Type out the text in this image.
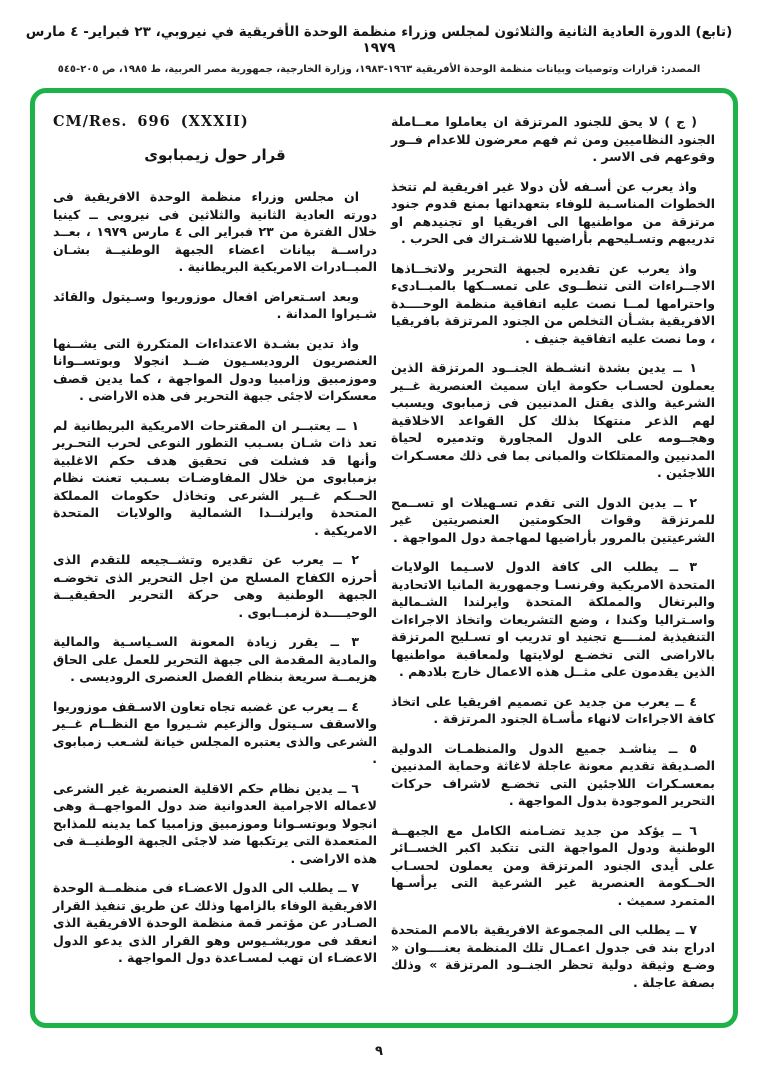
(تابع) الدورة العادية الثانية والثلاثون لمجلس وزراء منظمة الوحدة الأفريقية في نيروبي، ٢٣ فبراير- ٤ مارس ١٩٧٩
المصدر: قرارات وتوصيات وبيانات منظمة الوحدة الأفريقية ١٩٦٣-١٩٨٣، وزارة الخارجية، جمهورية مصر العربية، ط ١٩٨٥، ص ٢٠٥-٥٤٥

( ج ) لا يحق للجنود المرتزقة ان يعاملوا معــاملة الجنود النظاميين ومن ثم فهم معرضون للاعدام فــور وقوعهم فى الاسر .

واذ يعرب عن أسـفه لأن دولا غير افريقية لم تتخذ الخطوات المناسـبة للوفاء بتعهداتها بمنع قدوم جنود مرتزقة من مواطنيها الى افريقيا او تجنيدهم او تدريبهم وتسـليحهم بأراضيها للاشـتراك فى الحرب .

واذ يعرب عن تقديره لجبهة التحرير ولاتخــاذها الاجــراءات التى تنطــوى على تمســكها بالمبــادىء واحترامها لمــا نصت عليه اتفاقية منظمة الوحــــدة الافريقية بشـأن التخلص من الجنود المرتزقة بافريقيا ، وما نصت عليه اتفاقية جنيف .

١ ــ يدين بشدة انشـطة الجنــود المرتزقة الذين يعملون لحسـاب حكومة ايان سميث العنصرية غــير الشرعية والذى يقتل المدنيين فى زمبابوى ويسبب لهم الذعر منتهكا بذلك كل القواعد الاخلاقية وهجــومه على الدول المجاورة وتدميره لحياة المدنيين والممتلكات والمبانى بما فى ذلك معسـكرات اللاجئين .

٢ ــ يدين الدول التى تقدم تسـهيلات او تســمح للمرتزقة وقوات الحكومتين العنصريتين غير الشرعيتين بالمرور بأراضيها لمهاجمة دول المواجهة .

٣ ــ يطلب الى كافة الدول لاسـيما الولايات المتحدة الامريكية وفرنسـا وجمهورية المانيا الاتحادية والبرتغال والمملكة المتحدة وايرلندا الشـمالية واسـتراليا وكندا ، وضع التشريعات واتخاذ الاجراءات التنفيذية لمنــــع تجنيد او تدريب او تسـليح المرتزقة بالاراضى التى تخضـع لولايتها ولمعاقبة مواطنيها الذين يقدمون على مثــل هذه الاعمال خارج بلادهم .

٤ ــ يعرب من جديد عن تصميم افريقيا على اتخاذ كافة الاجراءات لانهاء مأسـاة الجنود المرتزقة .

٥ ــ يناشـد جميع الدول والمنظمـات الدولية الصـديقة تقديم معونة عاجلة لاغاثة وحماية المدنيين بمعسـكرات اللاجئين التى تخضـع لاشراف حركات التحرير الموجودة بدول المواجهة .

٦ ــ يؤكد من جديد تضـامنه الكامل مع الجبهــة الوطنية ودول المواجهة التى تتكبد اكبر الخســائر على أيدى الجنود المرتزقة ومن يعملون لحسـاب الحــكومة العنصرية غير الشرعية التى يرأسـها المتمرد سميث .

٧ ــ يطلب الى المجموعة الافريقية بالامم المتحدة ادراج بند فى جدول اعمـال تلك المنظمة بعنــــوان « وضـع وثيقة دولية تحظر الجنــود المرتزقة » وذلك بصفة عاجلة .

CM/Res. 696 (XXXII)
قرار حول زيمبابوى

ان مجلس وزراء منظمة الوحدة الافريقية فى دورته العادية الثانية والثلاثين فى نيروبى ــ كينيا خلال الفترة من ٢٣ فبراير الى ٤ مارس ١٩٧٩ ، بعــد دراســة بيانات اعضاء الجبهة الوطنيــة بشـان المبــادرات الامريكية البريطانية .

وبعد اسـتعراض افعال موزوريوا وسـيتول والقائد شـيراوا المدانة .

واذ تدين بشـدة الاعتداءات المتكررة التى يشــنها العنصريون الروديسـيون ضــد انجولا وبوتســوانا وموزمبيق وزامبيا ودول المواجهة ، كما يدين قصف معسكرات لاجئى جبهة التحرير فى هذه الاراضى .

١ ــ يعتبــر ان المقترحات الامريكية البريطانية لم تعد ذات شـان بسـبب التطور النوعى لحرب التحـرير وأنها قد فشلت فى تحقيق هدف حكم الاغلبية بزمبابوى من خلال المفاوضـات بسـبب تعنت نظام الحــكم غــير الشرعى وتخاذل حكومات المملكة المتحدة وايرلنــدا الشمالية والولايات المتحدة الامريكية .

٢ ــ يعرب عن تقديره وتشــجيعه للتقدم الذى أحرزه الكفاح المسلح من اجل التحرير الذى تخوضـه الجبهة الوطنية وهى حركة التحرير الحقيقيــة الوحيــــدة لزمبــابوى .

٣ ــ يقرر زيادة المعونة السـياسـية والمالية والمادية المقدمة الى جبهة التحرير للعمل على الحاق هزيمــة سريعة بنظام الفصل العنصرى الروديسى .

٤ ــ يعرب عن غضبه تجاه تعاون الاسـقف موزوريوا والاسقف سـيتول والزعيم شـيروا مع النظــام غــير الشرعى والذى يعتبره المجلس خيانة لشـعب زمبابوى .

٦ ــ يدين نظام حكم الاقلية العنصرية غير الشرعى لاعماله الاجرامية العدوانية ضد دول المواجهــة وهى انجولا وبوتسـوانا وموزمبيق وزامبيا كما يدينه للمذابح المتعمدة التى يرتكبها ضد لاجئى الجبهة الوطنيــة فى هذه الاراضى .

٧ ــ يطلب الى الدول الاعضـاء فى منظمــة الوحدة الافريقية الوفاء بالزامها وذلك عن طريق تنفيذ القرار الصـادر عن مؤتمر قمة منظمة الوحدة الافريقية الذى انعقد فى موريشـيوس وهو القرار الذى يدعو الدول الاعضـاء ان تهب لمسـاعدة دول المواجهة .

٩
